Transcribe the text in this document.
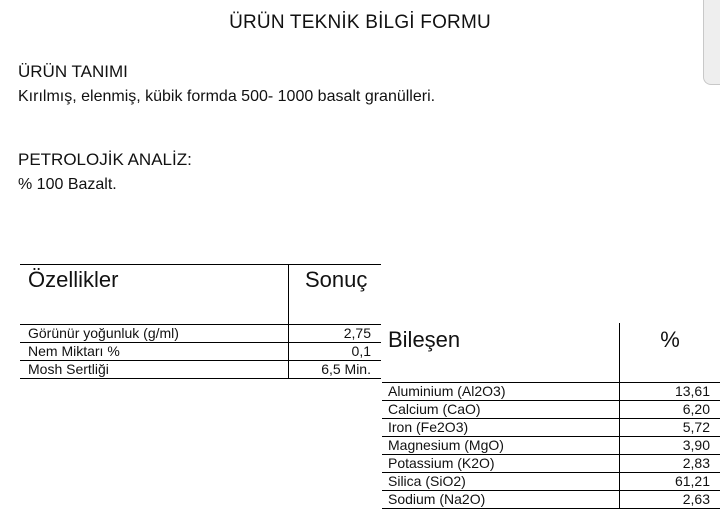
ÜRÜN TEKNİK BİLGİ FORMU
ÜRÜN TANIMI
Kırılmış, elenmiş, kübik formda 500- 1000 basalt granülleri.
PETROLOJİK ANALİZ:
% 100 Bazalt.
Özellikler	Sonuç
Görünür yoğunluk (g/ml)	2,75
Nem Miktarı %	0,1
Mosh Sertliği	6,5 Min.
Bileşen	%
Aluminium (Al2O3)	13,61
Calcium (CaO)	6,20
Iron (Fe2O3)	5,72
Magnesium (MgO)	3,90
Potassium (K2O)	2,83
Silica (SiO2)	61,21
Sodium (Na2O)	2,63
